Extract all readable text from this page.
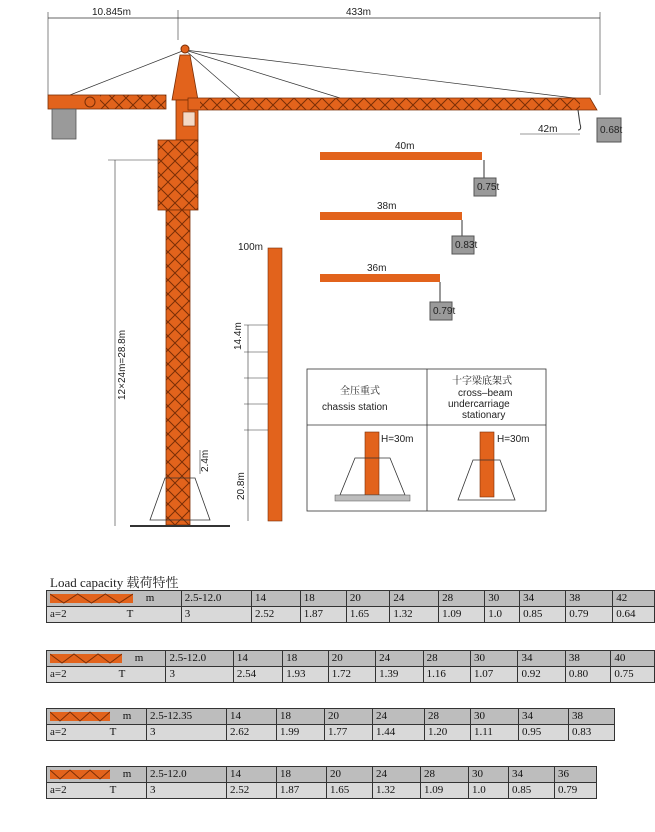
10.845m	433m
12×24m=28.8m
2.4m
100m
14.4m
20.8m
40m
0.75t
38m
0.83t
36m
0.79t
42m	0.68t
全压重式
chassis station
十字梁底架式
cross–beam
undercarriage
stationary
H=30m	H=30m
Load capacity 载荷特性
m	2.5-12.0	14	18	20	24	28	30	34	38	42
a=2 T	3	2.52	1.87	1.65	1.32	1.09	1.0	0.85	0.79	0.64
m	2.5-12.0	14	18	20	24	28	30	34	38	40
a=2 T	3	2.54	1.93	1.72	1.39	1.16	1.07	0.92	0.80	0.75
m	2.5-12.35	14	18	20	24	28	30	34	38
a=2 T	3	2.62	1.99	1.77	1.44	1.20	1.11	0.95	0.83
m	2.5-12.0	14	18	20	24	28	30	34	36
a=2 T	3	2.52	1.87	1.65	1.32	1.09	1.0	0.85	0.79
